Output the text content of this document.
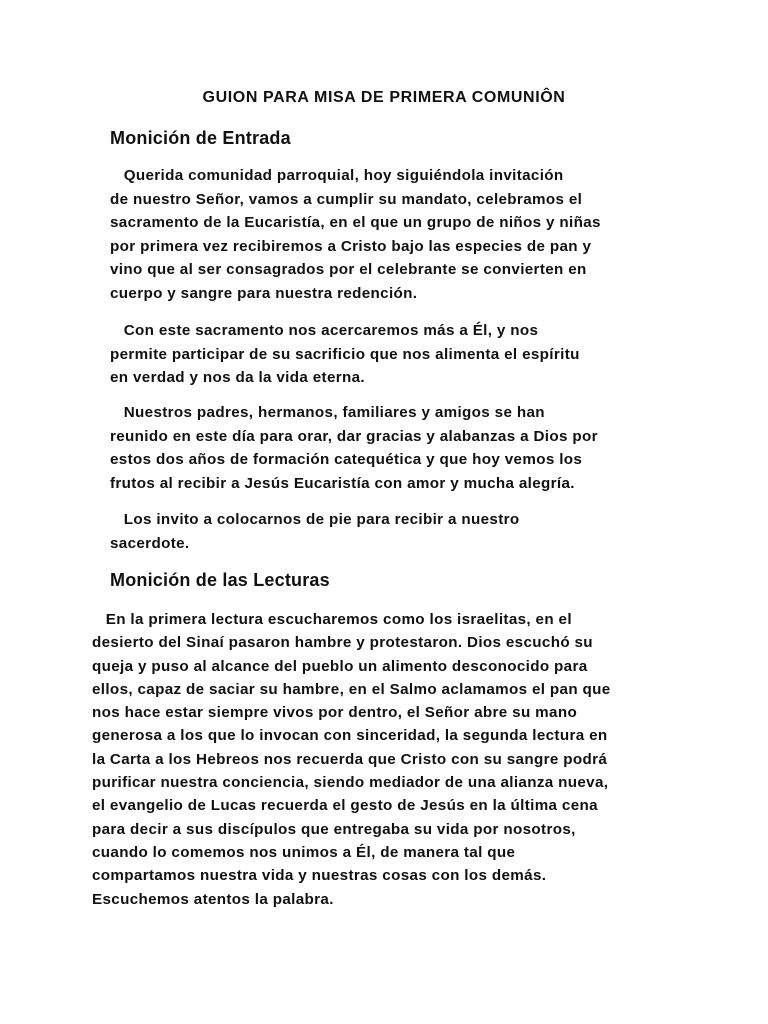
GUION PARA MISA DE PRIMERA COMUNIÔN
Monición de Entrada

Querida comunidad parroquial, hoy siguiéndola invitación
de nuestro Señor, vamos a cumplir su mandato, celebramos el
sacramento de la Eucaristía, en el que un grupo de niños y niñas
por primera vez recibiremos a Cristo bajo las especies de pan y
vino que al ser consagrados por el celebrante se convierten en
cuerpo y sangre para nuestra redención.

Con este sacramento nos acercaremos más a Él, y nos
permite participar de su sacrificio que nos alimenta el espíritu
en verdad y nos da la vida eterna.

Nuestros padres, hermanos, familiares y amigos se han
reunido en este día para orar, dar gracias y alabanzas a Dios por
estos dos años de formación catequética y que hoy vemos los
frutos al recibir a Jesús Eucaristía con amor y mucha alegría.

Los invito a colocarnos de pie para recibir a nuestro
sacerdote.

Monición de las Lecturas

En la primera lectura escucharemos como los israelitas, en el
desierto del Sinaí pasaron hambre y protestaron. Dios escuchó su
queja y puso al alcance del pueblo un alimento desconocido para
ellos, capaz de saciar su hambre, en el Salmo aclamamos el pan que
nos hace estar siempre vivos por dentro, el Señor abre su mano
generosa a los que lo invocan con sinceridad, la segunda lectura en
la Carta a los Hebreos nos recuerda que Cristo con su sangre podrá
purificar nuestra conciencia, siendo mediador de una alianza nueva,
el evangelio de Lucas recuerda el gesto de Jesús en la última cena
para decir a sus discípulos que entregaba su vida por nosotros,
cuando lo comemos nos unimos a Él, de manera tal que
compartamos nuestra vida y nuestras cosas con los demás.
Escuchemos atentos la palabra.
